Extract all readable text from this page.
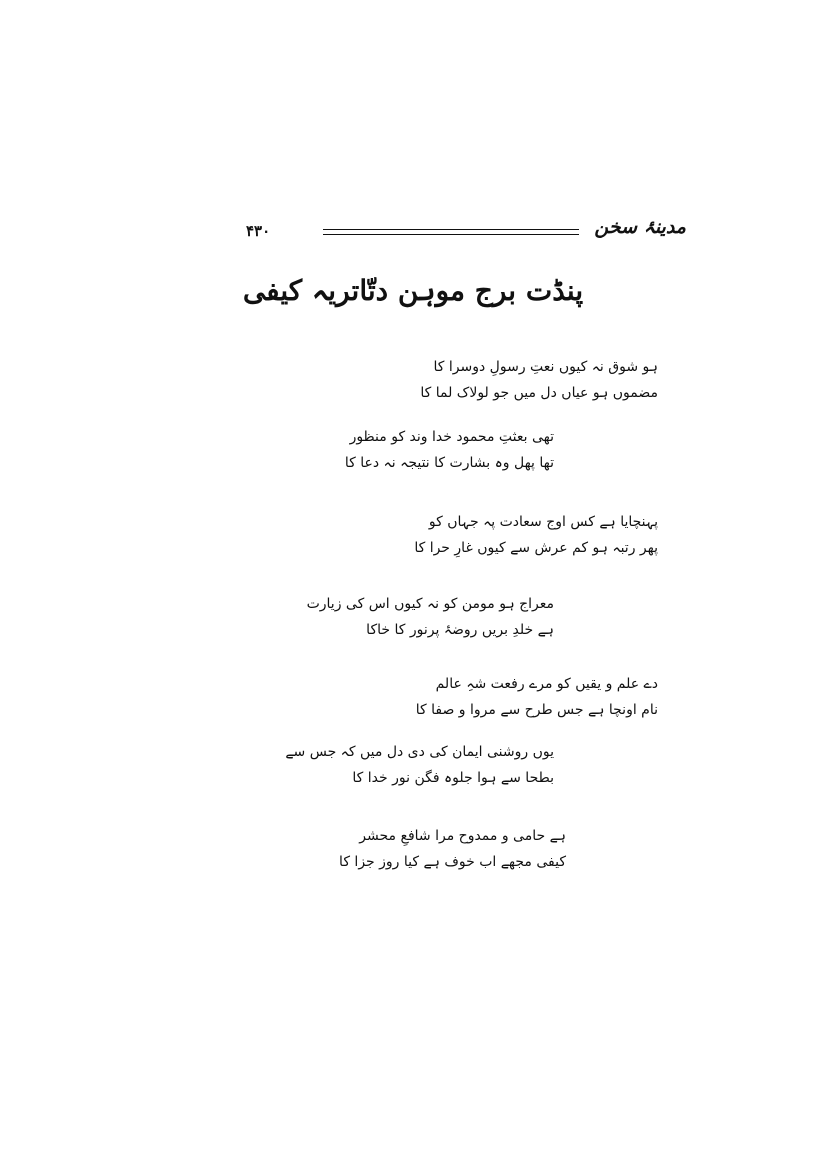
۴۳۰	مدینۂ سخن
پنڈت برج موہن دتّاتریہ کیفی
ہو شوق نہ کیوں نعتِ رسولِ دوسرا کا
مضموں ہو عیاں دل میں جو لولاک لما کا
تھی بعثتِ محمود خدا وند کو منظور
تھا پھل وہ بشارت کا نتیجہ نہ دعا کا
پہنچایا ہے کس اوج سعادت پہ جہاں کو
پھر رتبہ ہو کم عرش سے کیوں غارِ حرا کا
معراج ہو مومن کو نہ کیوں اس کی زیارت
ہے خلدِ بریں روضۂ پرنور کا خاکا
دے علم و یقیں کو مرے رفعت شہِ عالم
نام اونچا ہے جس طرح سے مروا و صفا کا
یوں روشنی ایمان کی دی دل میں کہ جس سے
بطحا سے ہوا جلوہ فگن نور خدا کا
ہے حامی و ممدوح مرا شافعِ محشر
کیفی مجھے اب خوف ہے کیا روز جزا کا
